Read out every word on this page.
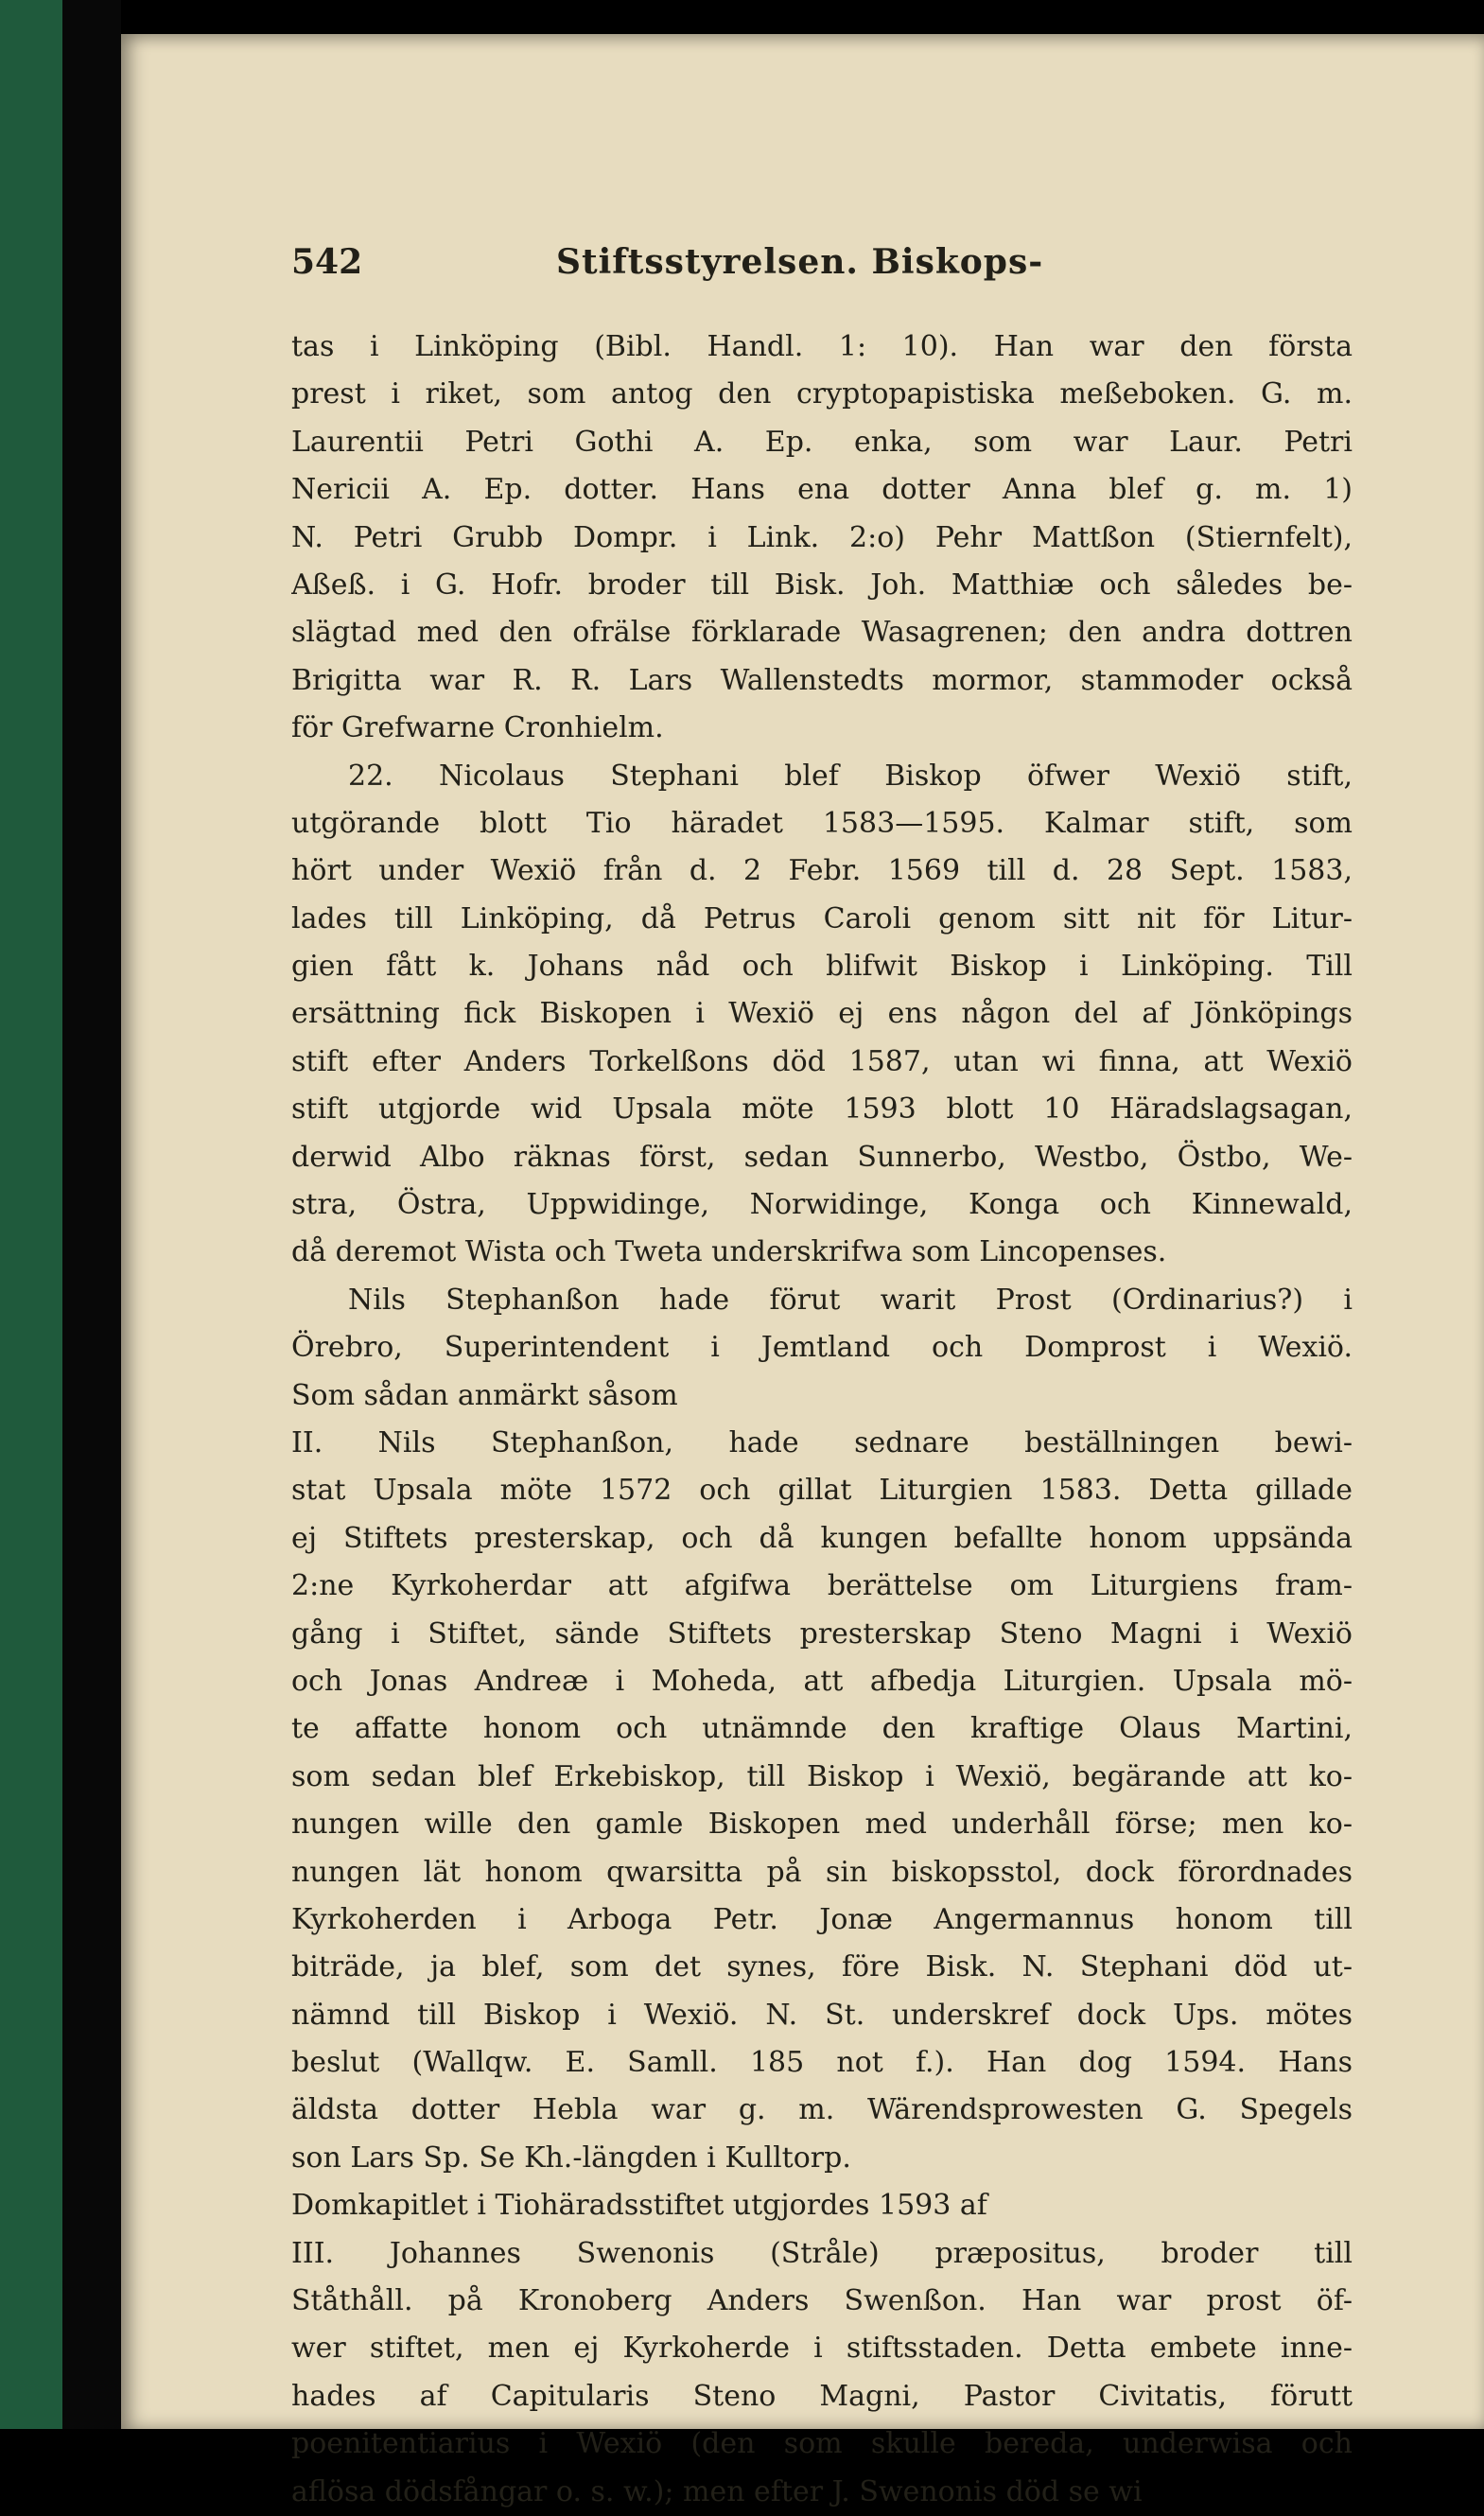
542	Stiftsstyrelsen. Biskops-
tas i Linköping (Bibl. Handl. 1: 10). Han war den första
prest i riket, som antog den cryptopapistiska meßeboken. G. m.
Laurentii Petri Gothi A. Ep. enka, som war Laur. Petri
Nericii A. Ep. dotter. Hans ena dotter Anna blef g. m. 1)
N. Petri Grubb Dompr. i Link. 2:o) Pehr Mattßon (Stiernfelt),
Aßeß. i G. Hofr. broder till Bisk. Joh. Matthiæ och således be-
slägtad med den ofrälse förklarade Wasagrenen; den andra dottren
Brigitta war R. R. Lars Wallenstedts mormor, stammoder också
för Grefwarne Cronhielm.
22. Nicolaus Stephani blef Biskop öfwer Wexiö stift,
utgörande blott Tio häradet 1583—1595. Kalmar stift, som
hört under Wexiö från d. 2 Febr. 1569 till d. 28 Sept. 1583,
lades till Linköping, då Petrus Caroli genom sitt nit för Litur-
gien fått k. Johans nåd och blifwit Biskop i Linköping. Till
ersättning fick Biskopen i Wexiö ej ens någon del af Jönköpings
stift efter Anders Torkelßons död 1587, utan wi finna, att Wexiö
stift utgjorde wid Upsala möte 1593 blott 10 Häradslagsagan,
derwid Albo räknas först, sedan Sunnerbo, Westbo, Östbo, We-
stra, Östra, Uppwidinge, Norwidinge, Konga och Kinnewald,
då deremot Wista och Tweta underskrifwa som Lincopenses.
Nils Stephanßon hade förut warit Prost (Ordinarius?) i
Örebro, Superintendent i Jemtland och Domprost i Wexiö.
Som sådan anmärkt såsom
II. Nils Stephanßon, hade sednare beställningen bewi-
stat Upsala möte 1572 och gillat Liturgien 1583. Detta gillade
ej Stiftets presterskap, och då kungen befallte honom uppsända
2:ne Kyrkoherdar att afgifwa berättelse om Liturgiens fram-
gång i Stiftet, sände Stiftets presterskap Steno Magni i Wexiö
och Jonas Andreæ i Moheda, att afbedja Liturgien. Upsala mö-
te affatte honom och utnämnde den kraftige Olaus Martini,
som sedan blef Erkebiskop, till Biskop i Wexiö, begärande att ko-
nungen wille den gamle Biskopen med underhåll förse; men ko-
nungen lät honom qwarsitta på sin biskopsstol, dock förordnades
Kyrkoherden i Arboga Petr. Jonæ Angermannus honom till
biträde, ja blef, som det synes, före Bisk. N. Stephani död ut-
nämnd till Biskop i Wexiö. N. St. underskref dock Ups. mötes
beslut (Wallqw. E. Samll. 185 not f.). Han dog 1594. Hans
äldsta dotter Hebla war g. m. Wärendsprowesten G. Spegels
son Lars Sp. Se Kh.-längden i Kulltorp.
Domkapitlet i Tiohäradsstiftet utgjordes 1593 af
III. Johannes Swenonis (Stråle) præpositus, broder till
Ståthåll. på Kronoberg Anders Swenßon. Han war prost öf-
wer stiftet, men ej Kyrkoherde i stiftsstaden. Detta embete inne-
hades af Capitularis Steno Magni, Pastor Civitatis, förutt
poenitentiarius i Wexiö (den som skulle bereda, underwisa och
aflösa dödsfångar o. s. w.); men efter J. Swenonis död se wi
